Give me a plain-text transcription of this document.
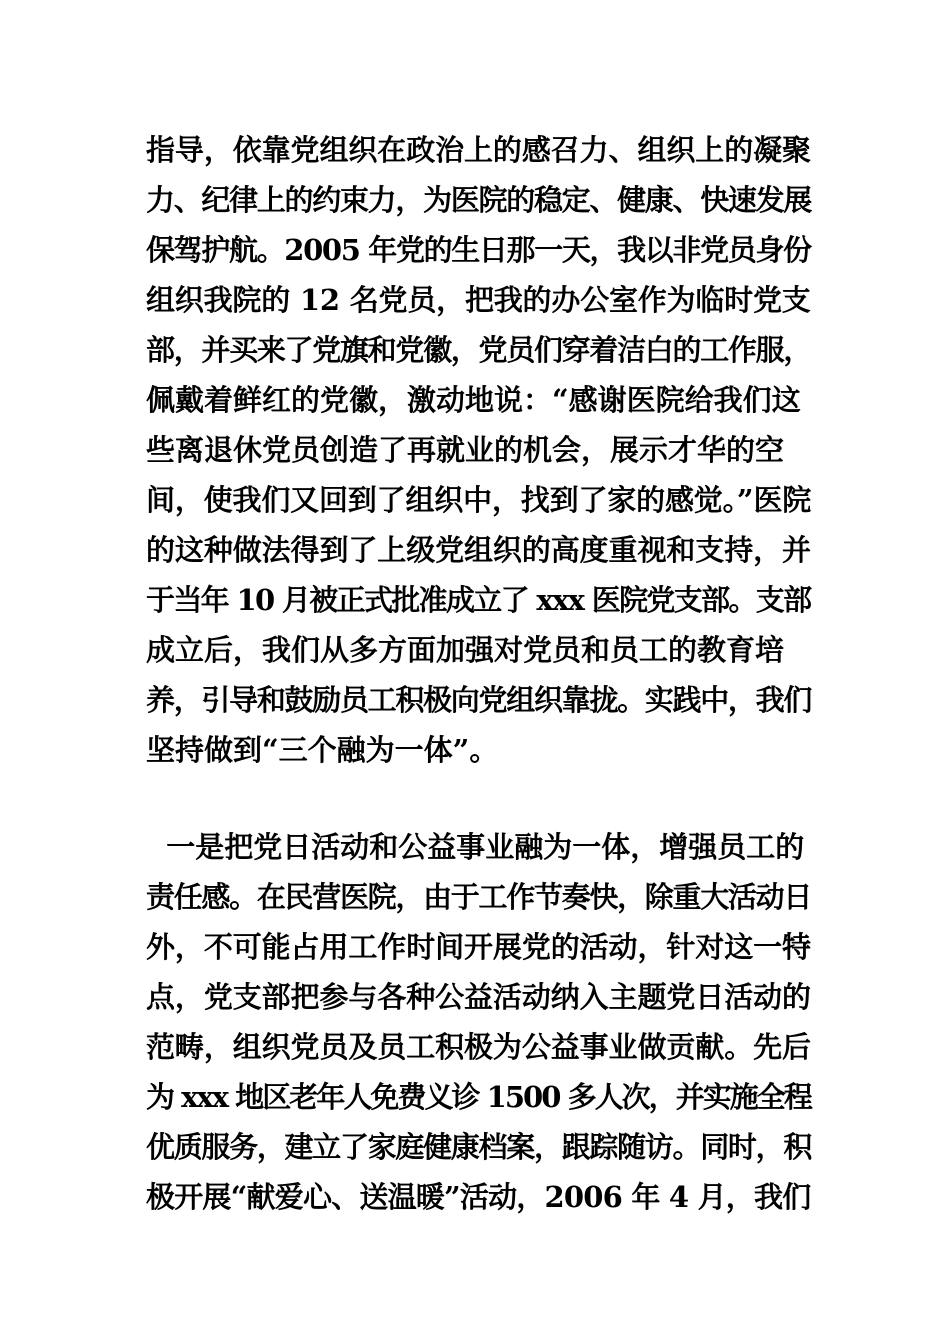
指导，依靠党组织在政治上的感召力、组织上的凝聚
力、纪律上的约束力，为医院的稳定、健康、快速发展
保驾护航。2005 年党的生日那一天，我以非党员身份
组织我院的 12 名党员，把我的办公室作为临时党支
部，并买来了党旗和党徽，党员们穿着洁白的工作服，
佩戴着鲜红的党徽，激动地说：“感谢医院给我们这
些离退休党员创造了再就业的机会，展示才华的空
间，使我们又回到了组织中，找到了家的感觉。”医院
的这种做法得到了上级党组织的高度重视和支持，并
于当年 10 月被正式批准成立了 xxx 医院党支部。支部
成立后，我们从多方面加强对党员和员工的教育培
养，引导和鼓励员工积极向党组织靠拢。实践中，我们
坚持做到“三个融为一体”。
一是把党日活动和公益事业融为一体，增强员工的
责任感。在民营医院，由于工作节奏快，除重大活动日
外，不可能占用工作时间开展党的活动，针对这一特
点，党支部把参与各种公益活动纳入主题党日活动的
范畴，组织党员及员工积极为公益事业做贡献。先后
为 xxx 地区老年人免费义诊 1500 多人次，并实施全程
优质服务，建立了家庭健康档案，跟踪随访。同时，积
极开展“献爱心、送温暖”活动，2006 年 4 月，我们
